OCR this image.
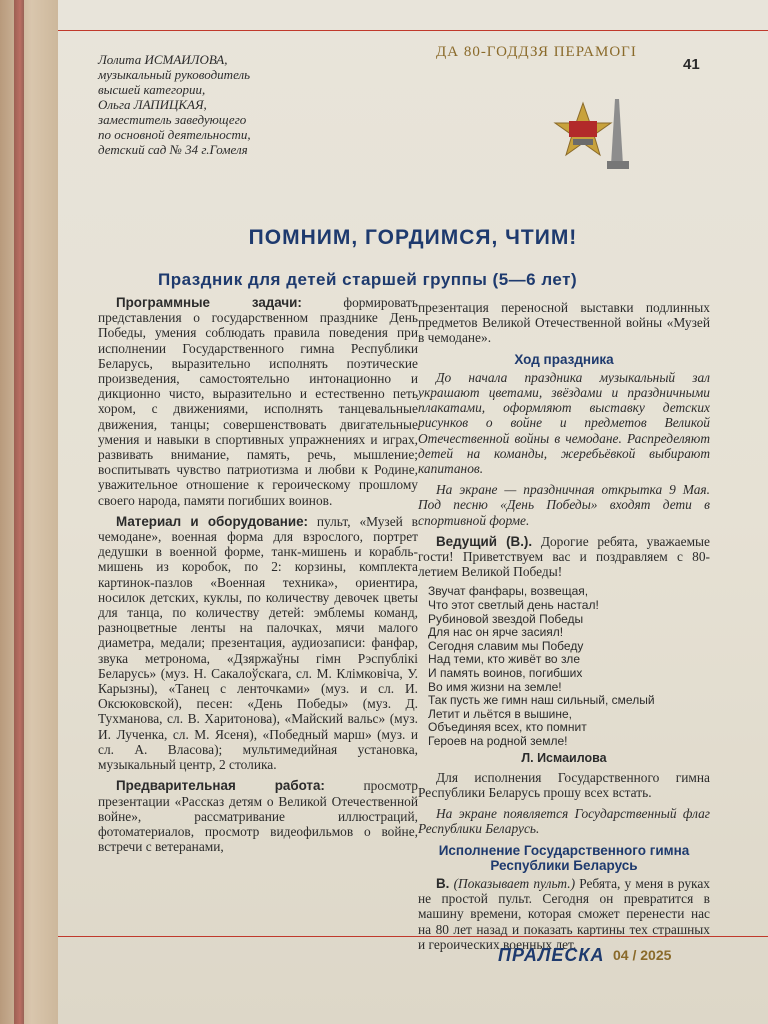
ДА 80-ГОДДЗЯ ПЕРАМОГІ
41
Лолита ИСМАИЛОВА,
музыкальный руководитель
высшей категории,
Ольга ЛАПИЦКАЯ,
заместитель заведующего
по основной деятельности,
детский сад № 34 г.Гомеля
ПОМНИМ, ГОРДИМСЯ, ЧТИМ!
Праздник для детей старшей группы (5—6 лет)

Программные задачи: формировать представления о государственном празднике День Победы, умения соблюдать правила поведения при исполнении Государственного гимна Республики Беларусь, выразительно исполнять поэтические произведения, самостоятельно интонационно и дикционно чисто, выразительно и естественно петь хором, с движениями, исполнять танцевальные движения, танцы; совершенствовать двигательные умения и навыки в спортивных упражнениях и играх, развивать внимание, память, речь, мышление; воспитывать чувство патриотизма и любви к Родине, уважительное отношение к героическому прошлому своего народа, памяти погибших воинов.

Материал и оборудование: пульт, «Музей в чемодане», военная форма для взрослого, портрет дедушки в военной форме, танк-мишень и корабль-мишень из коробок, по 2: корзины, комплекта картинок-пазлов «Военная техника», ориентира, носилок детских, куклы, по количеству девочек цветы для танца, по количеству детей: эмблемы команд, разноцветные ленты на палочках, мячи малого диаметра, медали; презентация, аудиозаписи: фанфар, звука метронома, «Дзяржаўны гімн Рэспублікі Беларусь» (муз. Н. Сакалоўскага, сл. М. Клімковіча, У. Карызны), «Танец с ленточками» (муз. и сл. И. Оксюковской), песен: «День Победы» (муз. Д. Тухманова, сл. В. Харитонова), «Майский вальс» (муз. И. Лученка, сл. М. Ясеня), «Победный марш» (муз. и сл. А. Власова); мультимедийная установка, музыкальный центр, 2 столика.

Предварительная работа: просмотр презентации «Рассказ детям о Великой Отечественной войне», рассматривание иллюстраций, фотоматериалов, просмотр видеофильмов о войне, встречи с ветеранами,

презентация переносной выставки подлинных предметов Великой Отечественной войны «Музей в чемодане».

Ход праздника

До начала праздника музыкальный зал украшают цветами, звёздами и праздничными плакатами, оформляют выставку детских рисунков о войне и предметов Великой Отечественной войны в чемодане. Распределяют детей на команды, жеребьёвкой выбирают капитанов.

На экране — праздничная открытка 9 Мая. Под песню «День Победы» входят дети в спортивной форме.

Ведущий (В.). Дорогие ребята, уважаемые гости! Приветствуем вас и поздравляем с 80-летием Великой Победы!

Звучат фанфары, возвещая,
Что этот светлый день настал!
Рубиновой звездой Победы
Для нас он ярче засиял!
Сегодня славим мы Победу
Над теми, кто живёт во зле
И память воинов, погибших
Во имя жизни на земле!
Так пусть же гимн наш сильный, смелый
Летит и льётся в вышине,
Объединяя всех, кто помнит
Героев на родной земле!
Л. Исмаилова

Для исполнения Государственного гимна Республики Беларусь прошу всех встать.

На экране появляется Государственный флаг Республики Беларусь.

Исполнение Государственного гимна Республики Беларусь

В. (Показывает пульт.) Ребята, у меня в руках не простой пульт. Сегодня он превратится в машину времени, которая сможет перенести нас на 80 лет назад и показать картины тех страшных и героических военных лет.

ПРАЛЕСКА 04 / 2025
